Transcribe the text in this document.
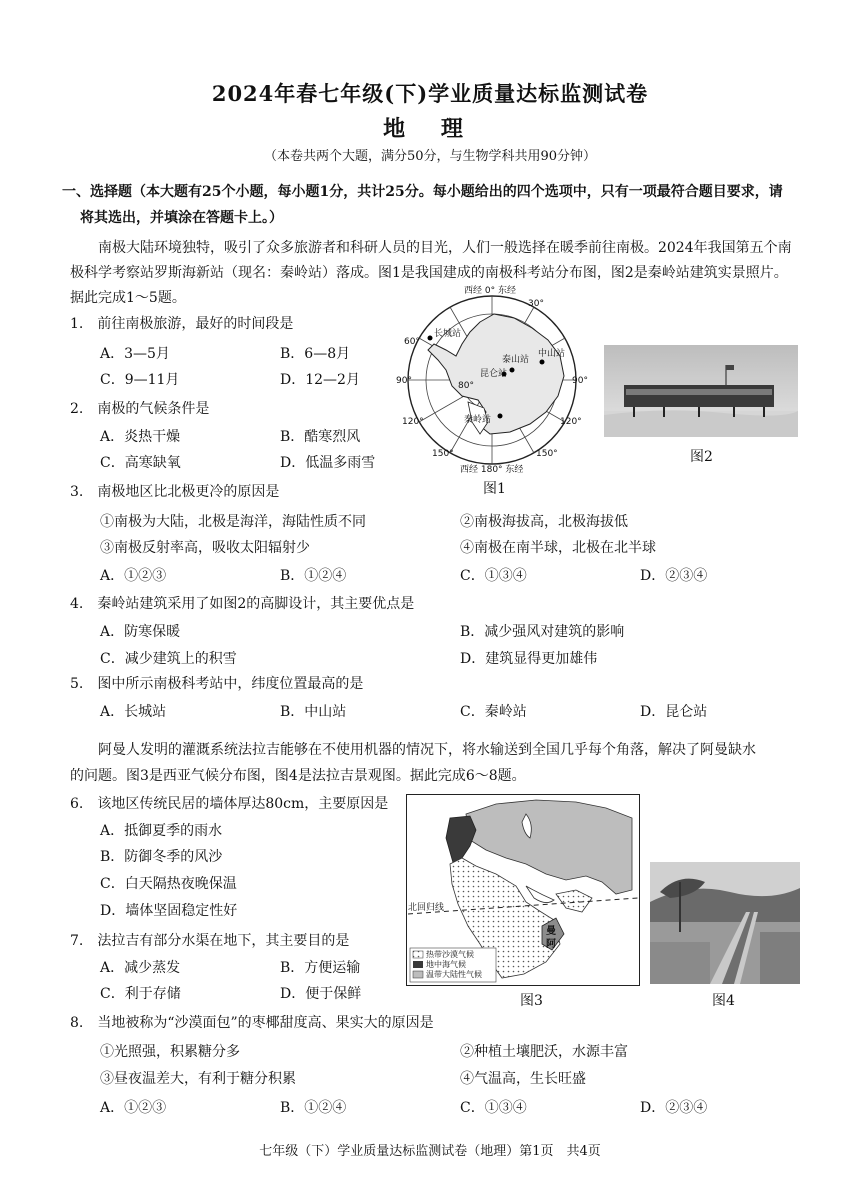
2024年春七年级(下)学业质量达标监测试卷
地 理
（本卷共两个大题，满分50分，与生物学科共用90分钟）
一、选择题（本大题有25个小题，每小题1分，共计25分。每小题给出的四个选项中，只有一项最符合题目要求，请
将其选出，并填涂在答题卡上。）
南极大陆环境独特，吸引了众多旅游者和科研人员的目光，人们一般选择在暖季前往南极。2024年我国第五个南
极科学考察站罗斯海新站（现名：秦岭站）落成。图1是我国建成的南极科考站分布图，图2是秦岭站建筑实景照片。
据此完成1～5题。
1.　前往南极旅游，最好的时间段是
A．3—5月	B．6—8月
C．9—11月	D．12—2月
2.　南极的气候条件是
A．炎热干燥	B．酷寒烈风
C．高寒缺氧	D．低温多雨雪
西经 0° 东经
30°
60°
90°	90°
120°	120°
150°	150°
西经 180° 东经
80°
长城站
泰山站
中山站
昆仑站
秦岭站
图1
图2
3.　南极地区比北极更冷的原因是
①南极为大陆，北极是海洋，海陆性质不同	②南极海拔高，北极海拔低
③南极反射率高，吸收太阳辐射少	④南极在南半球，北极在北半球
A．①②③	B．①②④	C．①③④	D．②③④
4.　秦岭站建筑采用了如图2的高脚设计，其主要优点是
A．防寒保暖	B．减少强风对建筑的影响
C．减少建筑上的积雪	D．建筑显得更加雄伟
5.　图中所示南极科考站中，纬度位置最高的是
A．长城站	B．中山站	C．秦岭站	D．昆仑站
阿曼人发明的灌溉系统法拉吉能够在不使用机器的情况下，将水输送到全国几乎每个角落，解决了阿曼缺水
的问题。图3是西亚气候分布图，图4是法拉吉景观图。据此完成6～8题。
6.　该地区传统民居的墙体厚达80cm，主要原因是
A．抵御夏季的雨水
B．防御冬季的风沙
C．白天隔热夜晚保温
D．墙体坚固稳定性好
7.　法拉吉有部分水渠在地下，其主要目的是
A．减少蒸发	B．方便运输
C．利于存储	D．便于保鲜
北回归线
曼
阿
热带沙漠气候
地中海气候
温带大陆性气候
图3	图4
8.　当地被称为“沙漠面包”的枣椰甜度高、果实大的原因是
①光照强，积累糖分多	②种植土壤肥沃，水源丰富
③昼夜温差大，有利于糖分积累	④气温高，生长旺盛
A．①②③	B．①②④	C．①③④	D．②③④
七年级（下）学业质量达标监测试卷（地理）第1页　共4页
